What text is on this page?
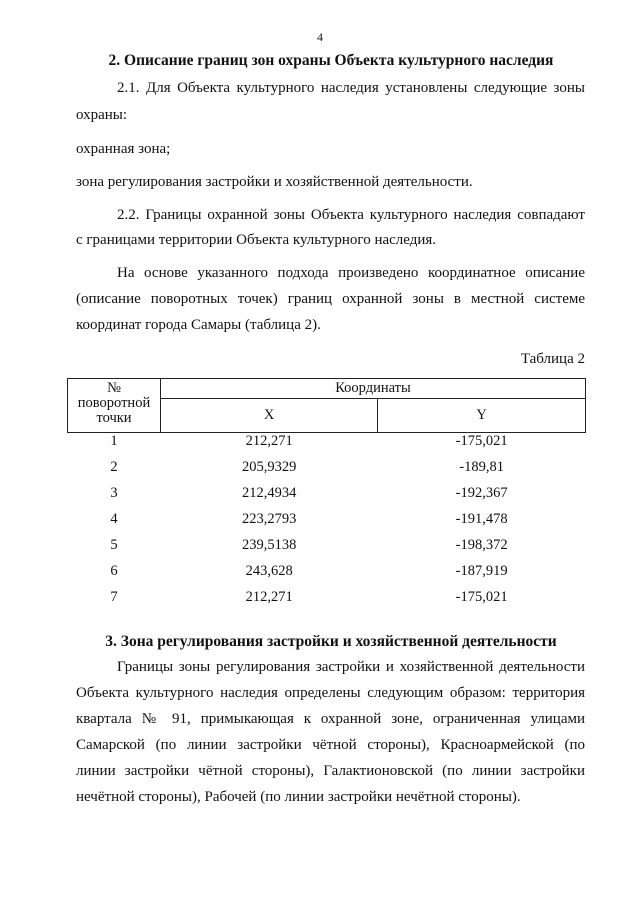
4
2. Описание границ зон охраны Объекта культурного наследия
2.1. Для Объекта культурного наследия установлены следующие зоны
охраны:
охранная зона;
зона регулирования застройки и хозяйственной деятельности.
2.2. Границы охранной зоны Объекта культурного наследия совпадают
с границами территории Объекта культурного наследия.
На основе указанного подхода произведено координатное описание
(описание поворотных точек) границ охранной зоны в местной системе
координат города Самары (таблица 2).
Таблица 2
№
поворотной
точки	Координаты	
	X	Y
1	212,271	-175,021
2	205,9329	-189,81
3	212,4934	-192,367
4	223,2793	-191,478
5	239,5138	-198,372
6	243,628	-187,919
7	212,271	-175,021
3. Зона регулирования застройки и хозяйственной деятельности
Границы зоны регулирования застройки и хозяйственной деятельности
Объекта культурного наследия определены следующим образом: территория
квартала № 91, примыкающая к охранной зоне, ограниченная улицами
Самарской (по линии застройки чётной стороны), Красноармейской (по
линии застройки чётной стороны), Галактионовской (по линии застройки
нечётной стороны), Рабочей (по линии застройки нечётной стороны).
